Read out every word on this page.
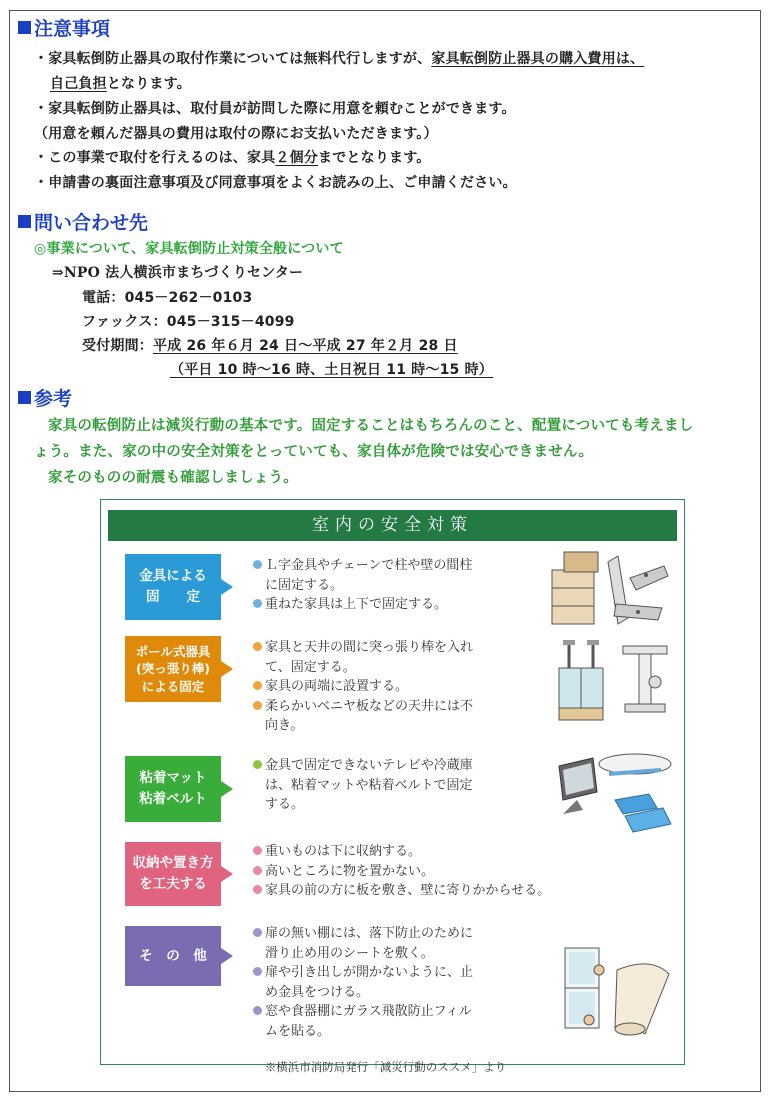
注意事項
・家具転倒防止器具の取付作業については無料代行しますが、家具転倒防止器具の購入費用は、
自己負担となります。
・家具転倒防止器具は、取付員が訪問した際に用意を頼むことができます。
（用意を頼んだ器具の費用は取付の際にお支払いただきます。）
・この事業で取付を行えるのは、家具２個分までとなります。
・申請書の裏面注意事項及び同意事項をよくお読みの上、ご申請ください。
問い合わせ先
◎事業について、家具転倒防止対策全般について
⇒NPO 法人横浜市まちづくりセンター
電話：045－262－0103
ファックス：045－315－4099
受付期間：平成 26 年６月 24 日～平成 27 年２月 28 日
（平日 10 時～16 時、土日祝日 11 時～15 時）
参考
家具の転倒防止は減災行動の基本です。固定することはもちろんのこと、配置についても考えまし
ょう。また、家の中の安全対策をとっていても、家自体が危険では安心できません。
家そのものの耐震も確認しましょう。
室内の安全対策
金具による
固　　定
Ｌ字金具やチェーンで柱や壁の間柱
に固定する。
重ねた家具は上下で固定する。
ポール式器具
(突っ張り棒)
による固定
家具と天井の間に突っ張り棒を入れ
て、固定する。
家具の両端に設置する。
柔らかいベニヤ板などの天井には不
向き。
粘着マット
粘着ベルト
金具で固定できないテレビや冷蔵庫
は、粘着マットや粘着ベルトで固定
する。
収納や置き方
を工夫する
重いものは下に収納する。
高いところに物を置かない。
家具の前の方に板を敷き、壁に寄りかからせる。
そ　の　他
扉の無い棚には、落下防止のために
滑り止め用のシートを敷く。
扉や引き出しが開かないように、止
め金具をつける。
窓や食器棚にガラス飛散防止フィル
ムを貼る。
※横浜市消防局発行「減災行動のススメ」より
